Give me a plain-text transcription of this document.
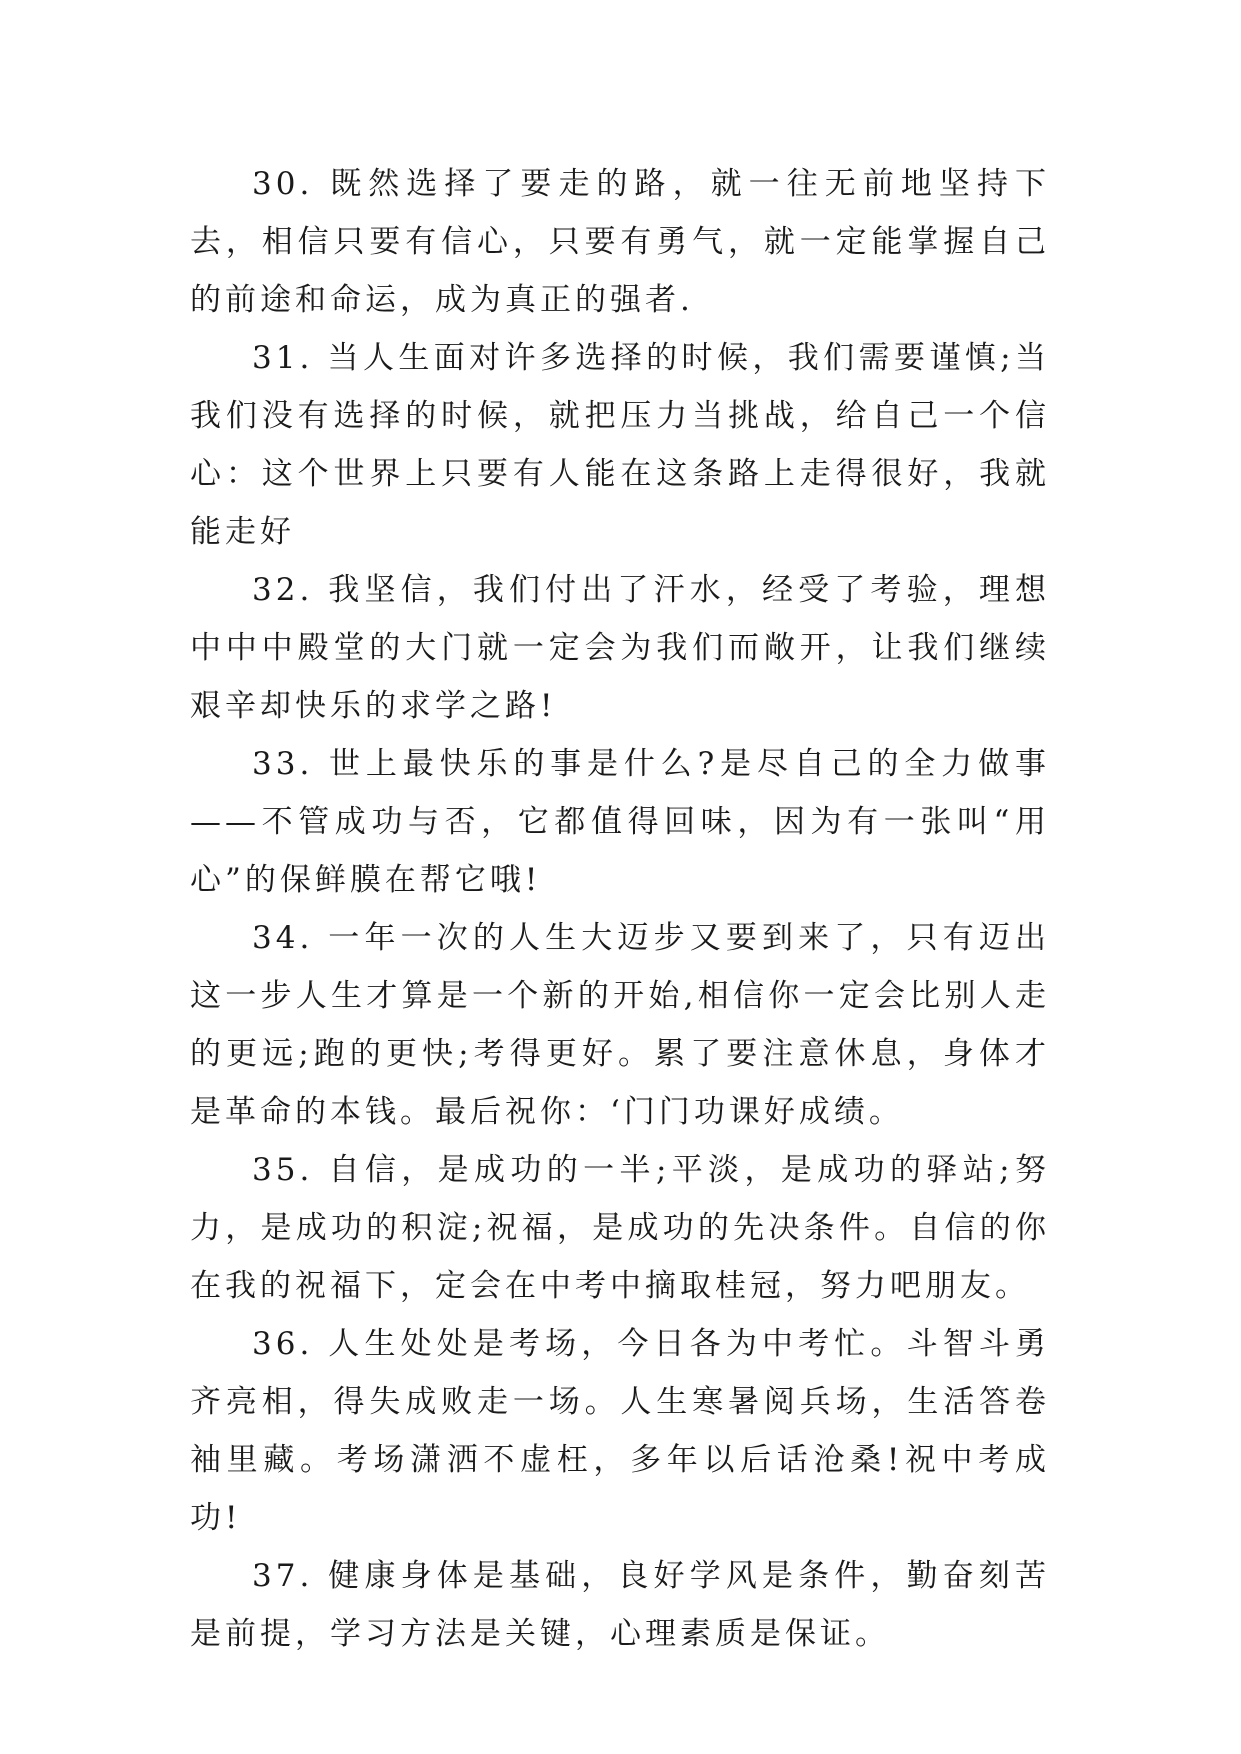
30. 既然选择了要走的路，就一往无前地坚持下去，相信只要有信心，只要有勇气，就一定能掌握自己的前途和命运，成为真正的强者.

31. 当人生面对许多选择的时候，我们需要谨慎;当我们没有选择的时候，就把压力当挑战，给自己一个信心：这个世界上只要有人能在这条路上走得很好，我就能走好

32. 我坚信，我们付出了汗水，经受了考验，理想中中中殿堂的大门就一定会为我们而敞开，让我们继续艰辛却快乐的求学之路!

33. 世上最快乐的事是什么?是尽自己的全力做事——不管成功与否，它都值得回味，因为有一张叫“用心”的保鲜膜在帮它哦!

34. 一年一次的人生大迈步又要到来了，只有迈出这一步人生才算是一个新的开始,相信你一定会比别人走的更远;跑的更快;考得更好。累了要注意休息，身体才是革命的本钱。最后祝你：‘门门功课好成绩。

35. 自信，是成功的一半;平淡，是成功的驿站;努力，是成功的积淀;祝福，是成功的先决条件。自信的你在我的祝福下，定会在中考中摘取桂冠，努力吧朋友。

36. 人生处处是考场，今日各为中考忙。斗智斗勇齐亮相，得失成败走一场。人生寒暑阅兵场，生活答卷袖里藏。考场潇洒不虚枉，多年以后话沧桑!祝中考成功!

37. 健康身体是基础，良好学风是条件，勤奋刻苦是前提，学习方法是关键，心理素质是保证。
